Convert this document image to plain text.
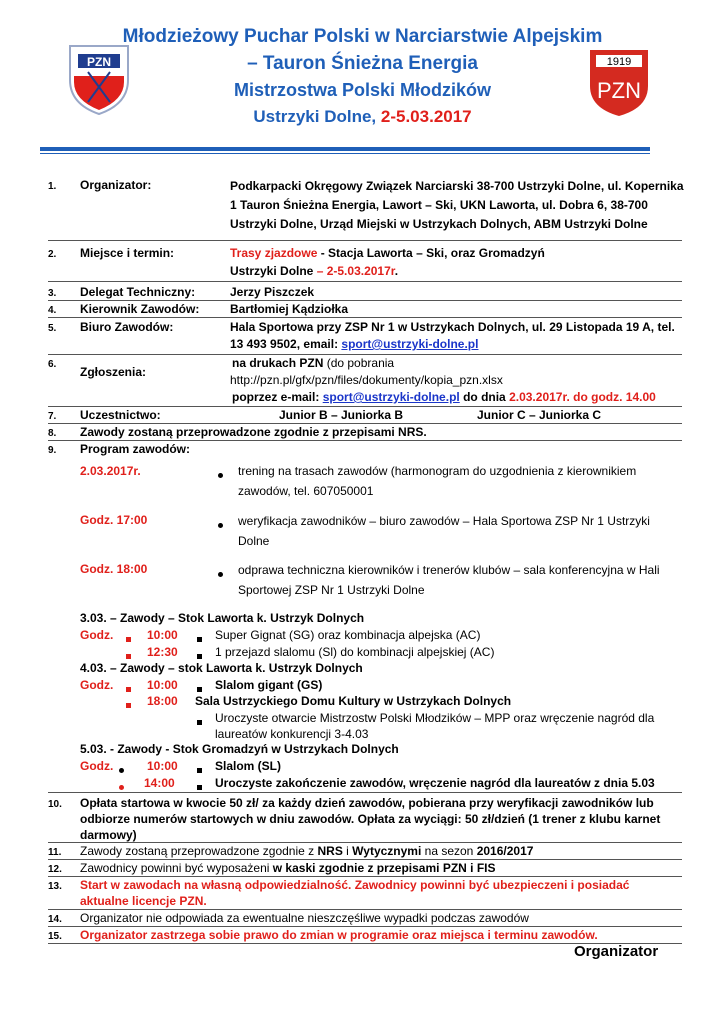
PZN	1919
PZN
Młodzieżowy Puchar Polski w Narciarstwie Alpejskim
– Tauron Śnieżna Energia
Mistrzostwa Polski Młodzików
Ustrzyki Dolne, 2-5.03.2017
1.	Organizator:	Podkarpacki Okręgowy Związek Narciarski 38-700 Ustrzyki Dolne, ul. Kopernika 1 Tauron Śnieżna Energia, Lawort – Ski, UKN Laworta, ul. Dobra 6, 38-700 Ustrzyki Dolne, Urząd Miejski w Ustrzykach Dolnych, ABM Ustrzyki Dolne
2.	Miejsce i termin:	Trasy zjazdowe - Stacja Laworta – Ski, oraz Gromadzyń
Ustrzyki Dolne – 2-5.03.2017r.
3.	Delegat Techniczny:	Jerzy Piszczek
4.	Kierownik Zawodów:	Bartłomiej Kądziołka
5.	Biuro Zawodów:	Hala Sportowa przy ZSP Nr 1 w Ustrzykach Dolnych, ul. 29 Listopada 19 A, tel.
13 493 9502, email: sport@ustrzyki-dolne.pl
6.
Zgłoszenia:
na drukach PZN (do pobrania
http://pzn.pl/gfx/pzn/files/dokumenty/kopia_pzn.xlsx
poprzez e-mail: sport@ustrzyki-dolne.pl do dnia 2.03.2017r. do godz. 14.00
7.	Uczestnictwo:	Junior B – Juniorka B	Junior C – Juniorka C
8.	Zawody zostaną przeprowadzone zgodnie z przepisami NRS.
9.	Program zawodów:
2.03.2017r.	trening na trasach zawodów (harmonogram do uzgodnienia z kierownikiem
zawodów, tel. 607050001
Godz. 17:00	weryfikacja zawodników – biuro zawodów – Hala Sportowa ZSP Nr 1 Ustrzyki
Dolne
Godz. 18:00	odprawa techniczna kierowników i trenerów klubów – sala konferencyjna w Hali
Sportowej ZSP Nr 1 Ustrzyki Dolne
3.03. – Zawody – Stok Laworta k. Ustrzyk Dolnych
Godz.	10:00	Super Gignat (SG) oraz kombinacja alpejska (AC)
12:30	1 przejazd slalomu (Sl) do kombinacji alpejskiej (AC)
4.03. – Zawody – stok Laworta k. Ustrzyk Dolnych
Godz.	10:00	Slalom gigant (GS)
18:00 Sala Ustrzyckiego Domu Kultury w Ustrzykach Dolnych
Uroczyste otwarcie Mistrzostw Polski Młodzików – MPP oraz wręczenie nagród dla
laureatów konkurencji 3-4.03
5.03. - Zawody - Stok Gromadzyń w Ustrzykach Dolnych
Godz.	10:00	Slalom (SL)
14:00	Uroczyste zakończenie zawodów, wręczenie nagród dla laureatów z dnia 5.03
10.	Opłata startowa w kwocie 50 zł/ za każdy dzień zawodów, pobierana przy weryfikacji zawodników lub odbiorze numerów startowych w dniu zawodów. Opłata za wyciągi: 50 zł/dzień (1 trener z klubu karnet darmowy)
11.	Zawody zostaną przeprowadzone zgodnie z NRS i Wytycznymi na sezon 2016/2017
12.	Zawodnicy powinni być wyposażeni w kaski zgodnie z przepisami PZN i FIS
13.	Start w zawodach na własną odpowiedzialność. Zawodnicy powinni być ubezpieczeni i posiadać aktualne licencje PZN.
14.	Organizator nie odpowiada za ewentualne nieszczęśliwe wypadki podczas zawodów
15.	Organizator zastrzega sobie prawo do zmian w programie oraz miejsca i terminu zawodów.
Organizator
